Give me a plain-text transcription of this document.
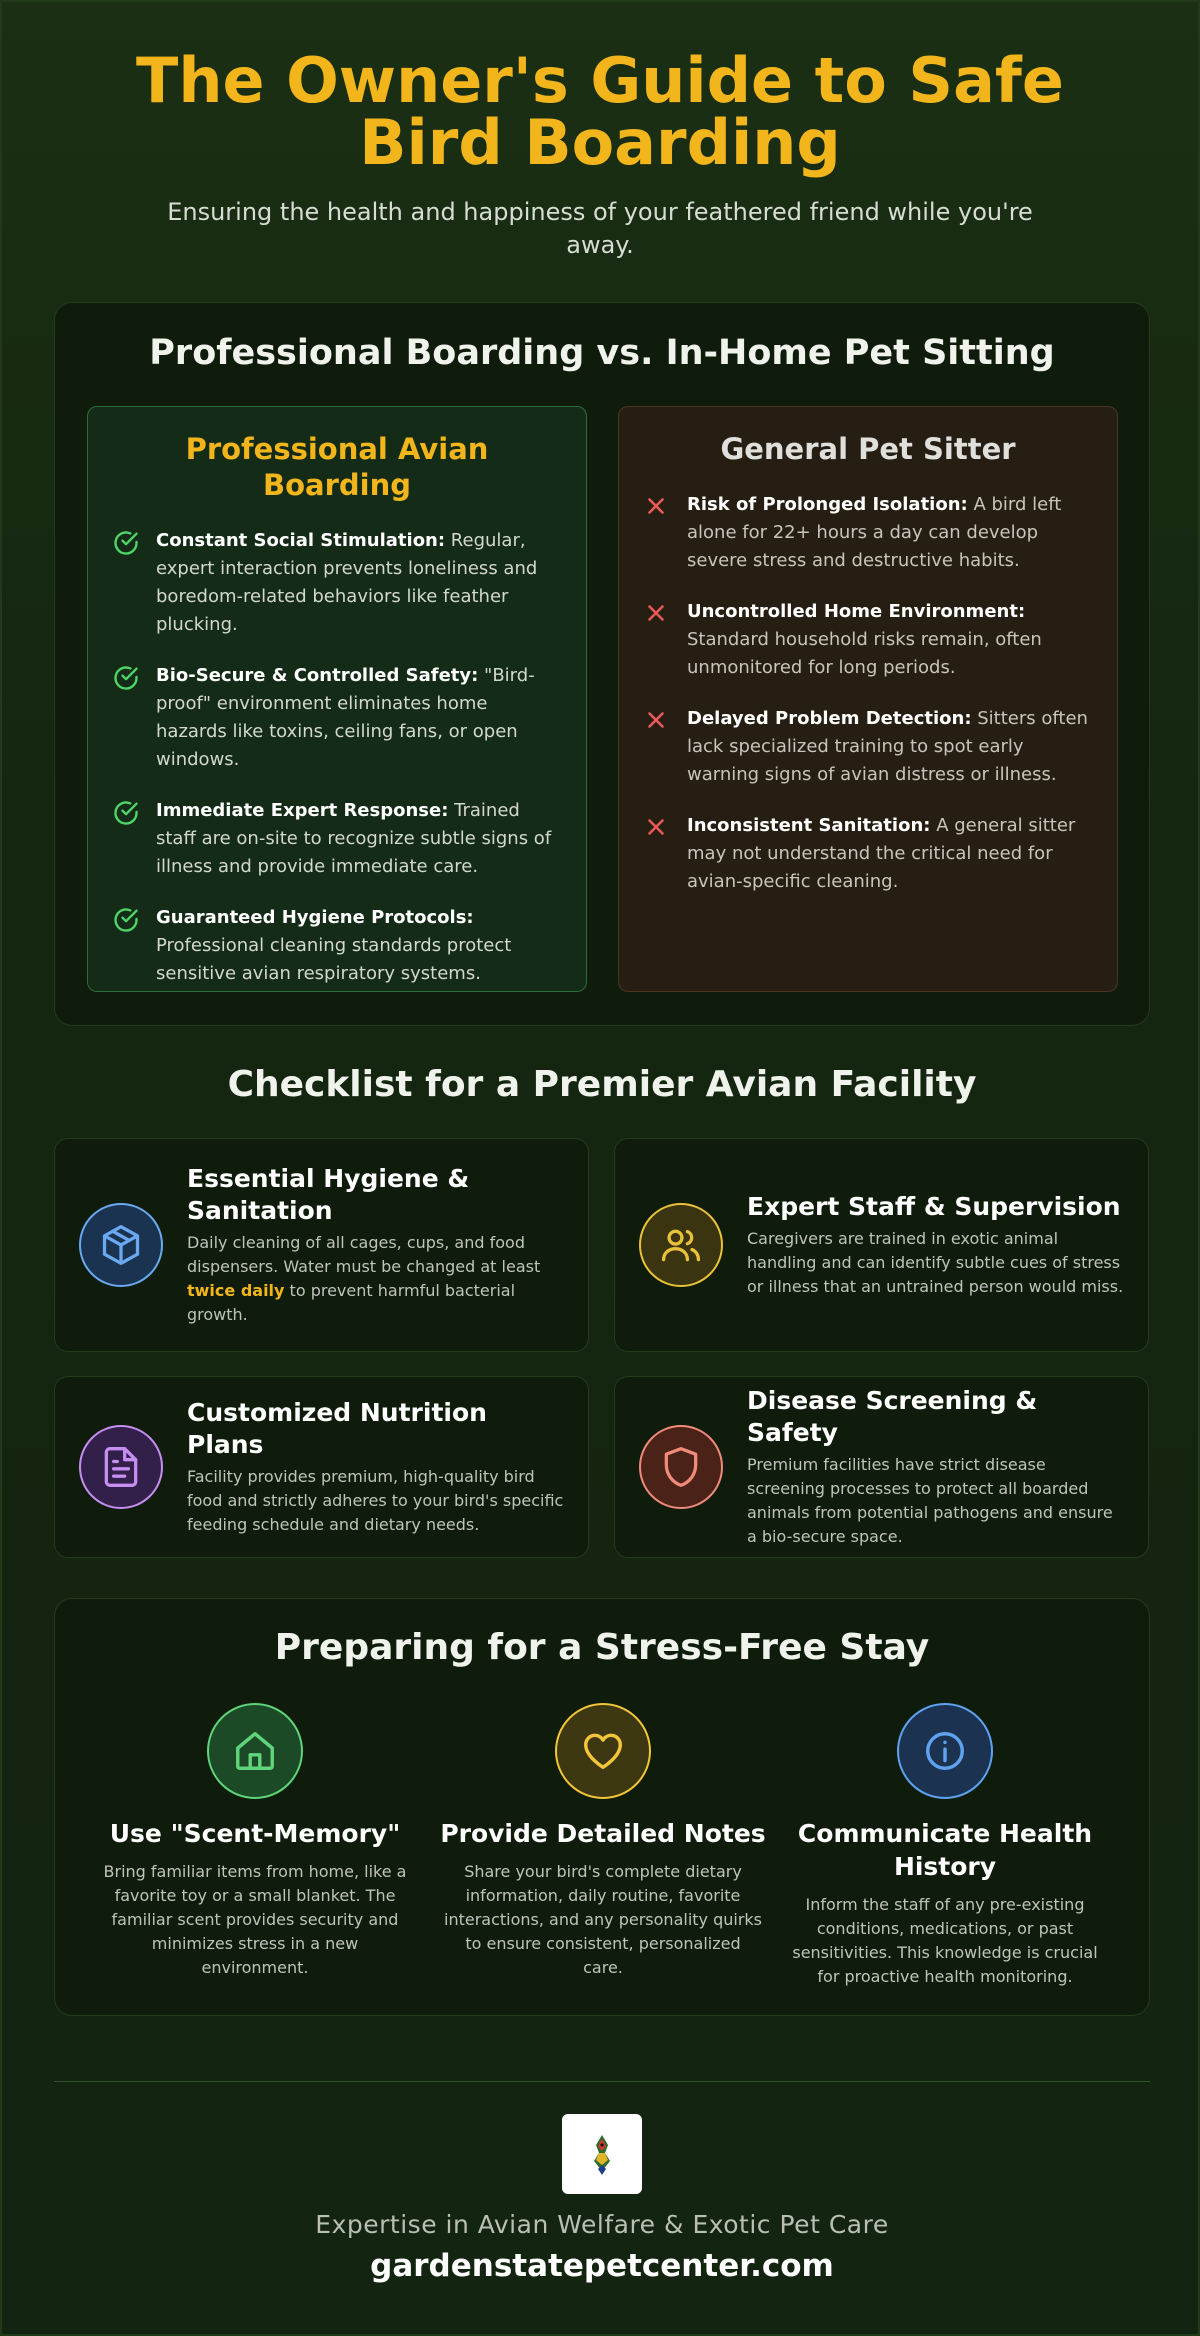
The Owner's Guide to Safe Bird Boarding

Ensuring the health and happiness of your feathered friend while you're away.

Professional Boarding vs. In-Home Pet Sitting
Professional Avian Boarding
Constant Social Stimulation: Regular, expert interaction prevents loneliness and boredom-related behaviors like feather plucking.
Bio-Secure & Controlled Safety: "Bird-proof" environment eliminates home hazards like toxins, ceiling fans, or open windows.
Immediate Expert Response: Trained staff are on-site to recognize subtle signs of illness and provide immediate care.
Guaranteed Hygiene Protocols: Professional cleaning standards protect sensitive avian respiratory systems.
General Pet Sitter
Risk of Prolonged Isolation: A bird left alone for 22+ hours a day can develop severe stress and destructive habits.
Uncontrolled Home Environment: Standard household risks remain, often unmonitored for long periods.
Delayed Problem Detection: Sitters often lack specialized training to spot early warning signs of avian distress or illness.
Inconsistent Sanitation: A general sitter may not understand the critical need for avian-specific cleaning.
Checklist for a Premier Avian Facility
Essential Hygiene & Sanitation

Daily cleaning of all cages, cups, and food dispensers. Water must be changed at least twice daily to prevent harmful bacterial growth.

Expert Staff & Supervision

Caregivers are trained in exotic animal handling and can identify subtle cues of stress or illness that an untrained person would miss.

Customized Nutrition Plans

Facility provides premium, high-quality bird food and strictly adheres to your bird's specific feeding schedule and dietary needs.

Disease Screening & Safety

Premium facilities have strict disease screening processes to protect all boarded animals from potential pathogens and ensure a bio-secure space.

Preparing for a Stress-Free Stay
Use "Scent-Memory"

Bring familiar items from home, like a favorite toy or a small blanket. The familiar scent provides security and minimizes stress in a new environment.

Provide Detailed Notes

Share your bird's complete dietary information, daily routine, favorite interactions, and any personality quirks to ensure consistent, personalized care.

Communicate Health History

Inform the staff of any pre-existing conditions, medications, or past sensitivities. This knowledge is crucial for proactive health monitoring.

Expertise in Avian Welfare & Exotic Pet Care
gardenstatepetcenter.com
